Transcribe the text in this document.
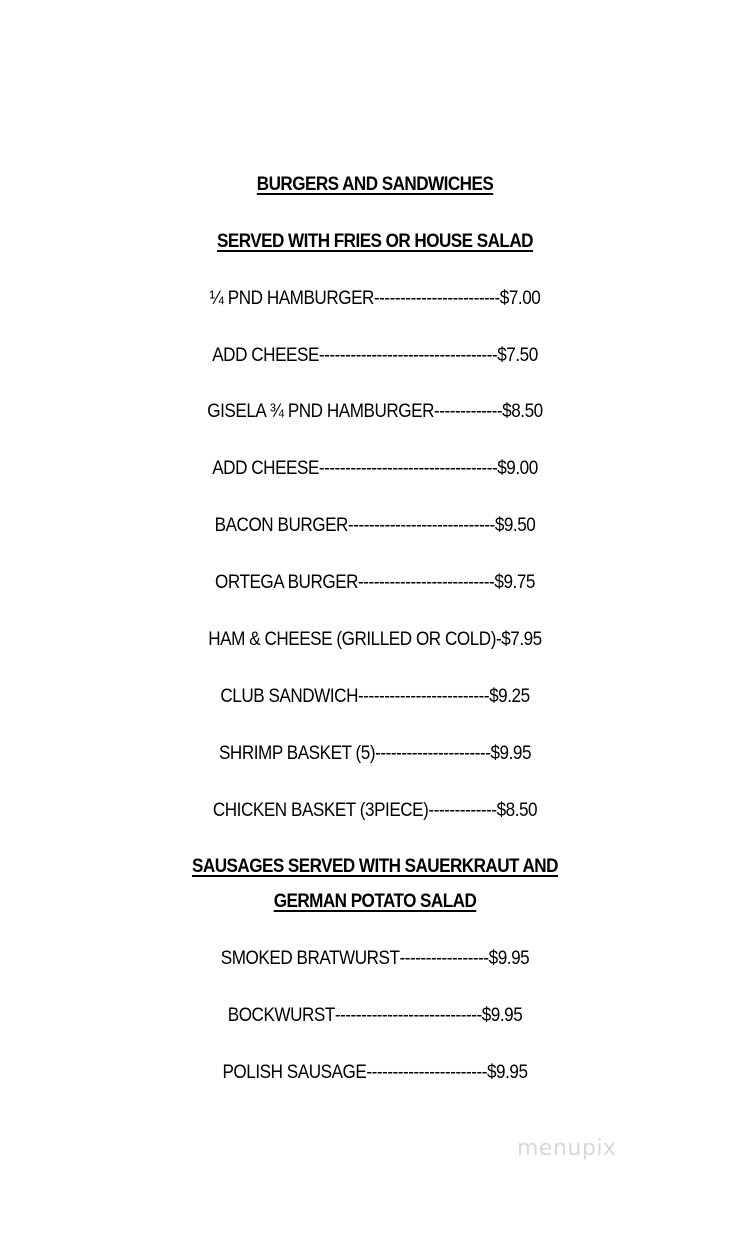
BURGERS AND SANDWICHES
SERVED WITH FRIES OR HOUSE SALAD
¼ PND HAMBURGER ------------------------ $7.00
ADD CHEESE ---------------------------------- $7.50
GISELA ¾ PND HAMBURGER ------------- $8.50
ADD CHEESE ---------------------------------- $9.00
BACON BURGER ---------------------------- $9.50
ORTEGA BURGER -------------------------- $9.75
HAM & CHEESE (GRILLED OR COLD) - $7.95
CLUB SANDWICH ------------------------- $9.25
SHRIMP BASKET (5) ---------------------- $9.95
CHICKEN BASKET (3PIECE) ------------- $8.50
SAUSAGES SERVED WITH SAUERKRAUT AND
GERMAN POTATO SALAD
SMOKED BRATWURST ----------------- $9.95
BOCKWURST ---------------------------- $9.95
POLISH SAUSAGE ----------------------- $9.95
menupix
